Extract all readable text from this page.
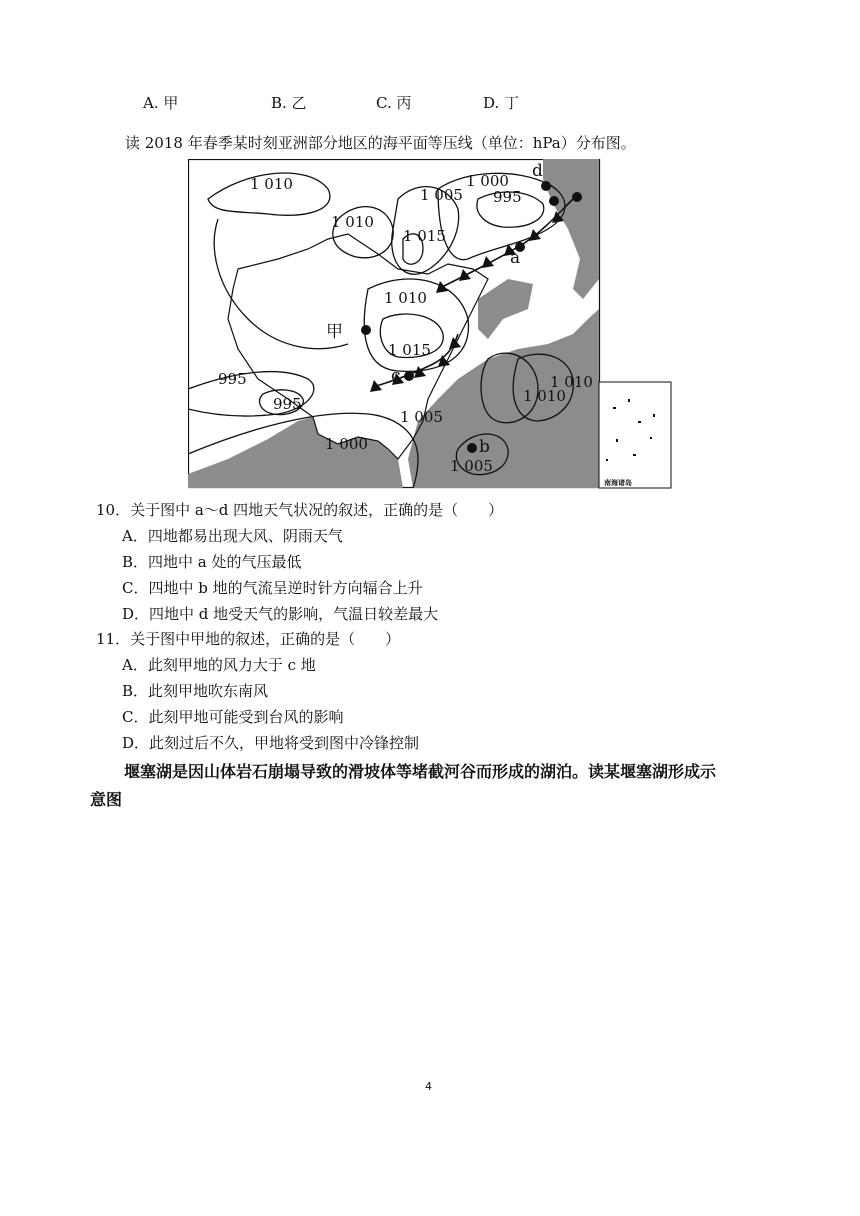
A. 甲	B. 乙	C. 丙	D. 丁
读 2018 年春季某时刻亚洲部分地区的海平面等压线（单位：hPa）分布图。
1 010
1 005
1 000
995
1 010
1 015
1 010
1 015
995
995
1 005
1 000
1 010
1 010
1 005
a
b
c
d
甲
南海诸岛
10．关于图中 a～d 四地天气状况的叙述，正确的是（　　）
A．四地都易出现大风、阴雨天气
B．四地中 a 处的气压最低
C．四地中 b 地的气流呈逆时针方向辐合上升
D．四地中 d 地受天气的影响，气温日较差最大
11．关于图中甲地的叙述，正确的是（　　）
A．此刻甲地的风力大于 c 地
B．此刻甲地吹东南风
C．此刻甲地可能受到台风的影响
D．此刻过后不久，甲地将受到图中冷锋控制
堰塞湖是因山体岩石崩塌导致的滑坡体等堵截河谷而形成的湖泊。读某堰塞湖形成示
意图
4
